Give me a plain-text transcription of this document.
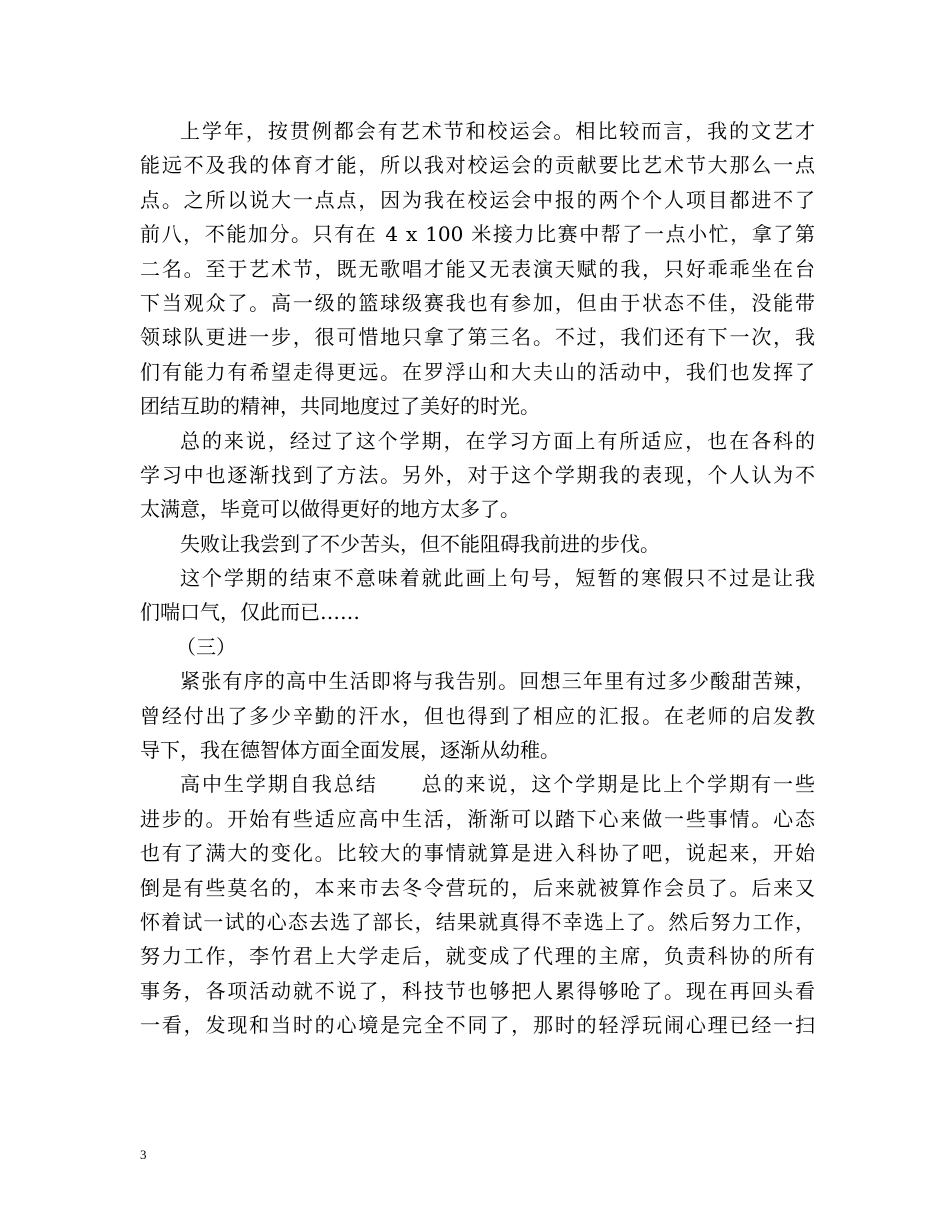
上学年，按贯例都会有艺术节和校运会。相比较而言，我的文艺才
能远不及我的体育才能，所以我对校运会的贡献要比艺术节大那么一点
点。之所以说大一点点，因为我在校运会中报的两个个人项目都进不了
前八，不能加分。只有在 4 x 100 米接力比赛中帮了一点小忙，拿了第
二名。至于艺术节，既无歌唱才能又无表演天赋的我，只好乖乖坐在台
下当观众了。高一级的篮球级赛我也有参加，但由于状态不佳，没能带
领球队更进一步，很可惜地只拿了第三名。不过，我们还有下一次，我
们有能力有希望走得更远。在罗浮山和大夫山的活动中，我们也发挥了
团结互助的精神，共同地度过了美好的时光。
总的来说，经过了这个学期，在学习方面上有所适应，也在各科的
学习中也逐渐找到了方法。另外，对于这个学期我的表现，个人认为不
太满意，毕竟可以做得更好的地方太多了。
失败让我尝到了不少苦头，但不能阻碍我前进的步伐。
这个学期的结束不意味着就此画上句号，短暂的寒假只不过是让我
们喘口气，仅此而已……
（三）
紧张有序的高中生活即将与我告别。回想三年里有过多少酸甜苦辣，
曾经付出了多少辛勤的汗水，但也得到了相应的汇报。在老师的启发教
导下，我在德智体方面全面发展，逐渐从幼稚。
高中生学期自我总结　　总的来说，这个学期是比上个学期有一些
进步的。开始有些适应高中生活，渐渐可以踏下心来做一些事情。心态
也有了满大的变化。比较大的事情就算是进入科协了吧，说起来，开始
倒是有些莫名的，本来市去冬令营玩的，后来就被算作会员了。后来又
怀着试一试的心态去选了部长，结果就真得不幸选上了。然后努力工作，
努力工作，李竹君上大学走后，就变成了代理的主席，负责科协的所有
事务，各项活动就不说了，科技节也够把人累得够呛了。现在再回头看
一看，发现和当时的心境是完全不同了，那时的轻浮玩闹心理已经一扫
3
